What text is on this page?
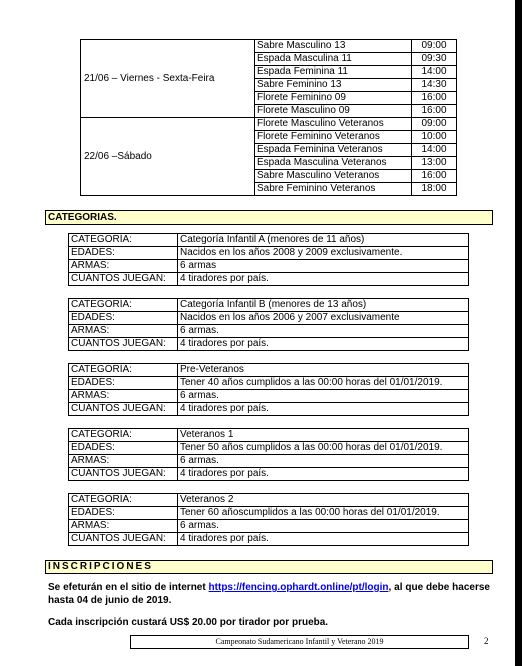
21/06 – Viernes - Sexta-Feira	Sabre Masculino 13	09:00
	Espada Masculina 11	09:30
	Espada Feminina 11	14:00
	Sabre Feminino 13	14:30
	Florete Feminino 09	16:00
	Florete Masculino 09	16:00
22/06 –Sábado	Florete Masculino Veteranos	09:00
	Florete Feminino Veteranos	10:00
	Espada Feminina Veteranos	14:00
	Espada Masculina Veteranos	13:00
	Sabre Masculino Veteranos	16:00
	Sabre Feminino Veteranos	18:00
CATEGORIAS.
CATEGORÍA:	Categoría Infantil A (menores de 11 años)
EDADES:	Nacidos en los años 2008 y 2009 exclusivamente.
ARMAS:	6 armas
CUÁNTOS JUEGAN:	4 tiradores por país.
CATEGORÍA:	Categoría Infantil B (menores de 13 años)
EDADES:	Nacidos en los años 2006 y 2007 exclusivamente
ARMAS:	6 armas.
CUÁNTOS JUEGAN:	4 tiradores por país.
CATEGORÍA:	Pre-Veteranos
EDADES:	Tener 40 años cumplidos a las 00:00 horas del 01/01/2019.
ARMAS:	6 armas.
CUÁNTOS JUEGAN:	4 tiradores por país.
CATEGORÍA:	Veteranos 1
EDADES:	Tener 50 años cumplidos a las 00:00 horas del 01/01/2019.
ARMAS:	6 armas.
CUÁNTOS JUEGAN:	4 tiradores por país.
CATEGORÍA:	Veteranos 2
EDADES:	Tener 60 añoscumplidos a las 00:00 horas del 01/01/2019.
ARMAS:	6 armas.
CUÁNTOS JUEGAN:	4 tiradores por país.
INSCRIPCIONES
Se efeturán en el sitio de internet https://fencing.ophardt.online/pt/login, al que debe hacerse hasta 04 de junio de 2019.
Cada inscripción custará US$ 20.00 por tirador por prueba.
Campeonato Sudamericano Infantil y Veterano 2019	2
